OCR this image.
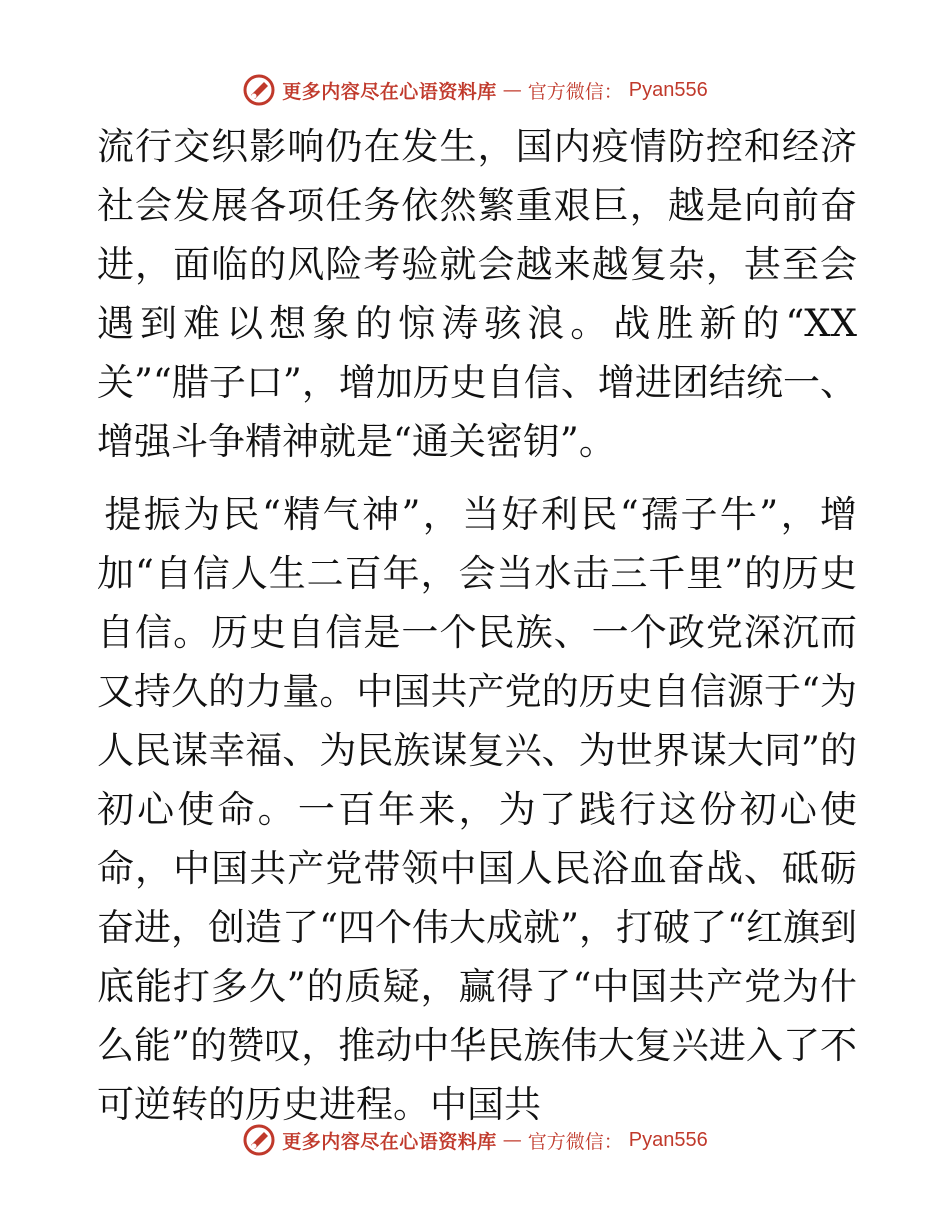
更多内容尽在心语资料库 — 官方微信： Pyan556

流行交织影响仍在发生，国内疫情防控和经济社会发展各项任务依然繁重艰巨，越是向前奋进，面临的风险考验就会越来越复杂，甚至会遇到难以想象的惊涛骇浪。战胜新的“XX关”“腊子口”，增加历史自信、增进团结统一、增强斗争精神就是“通关密钥”。

提振为民“精气神”，当好利民“孺子牛”，增加“自信人生二百年，会当水击三千里”的历史自信。历史自信是一个民族、一个政党深沉而又持久的力量。中国共产党的历史自信源于“为人民谋幸福、为民族谋复兴、为世界谋大同”的初心使命。一百年来，为了践行这份初心使命，中国共产党带领中国人民浴血奋战、砥砺奋进，创造了“四个伟大成就”，打破了“红旗到底能打多久”的质疑，赢得了“中国共产党为什么能”的赞叹，推动中华民族伟大复兴进入了不可逆转的历史进程。中国共

更多内容尽在心语资料库 — 官方微信： Pyan556
